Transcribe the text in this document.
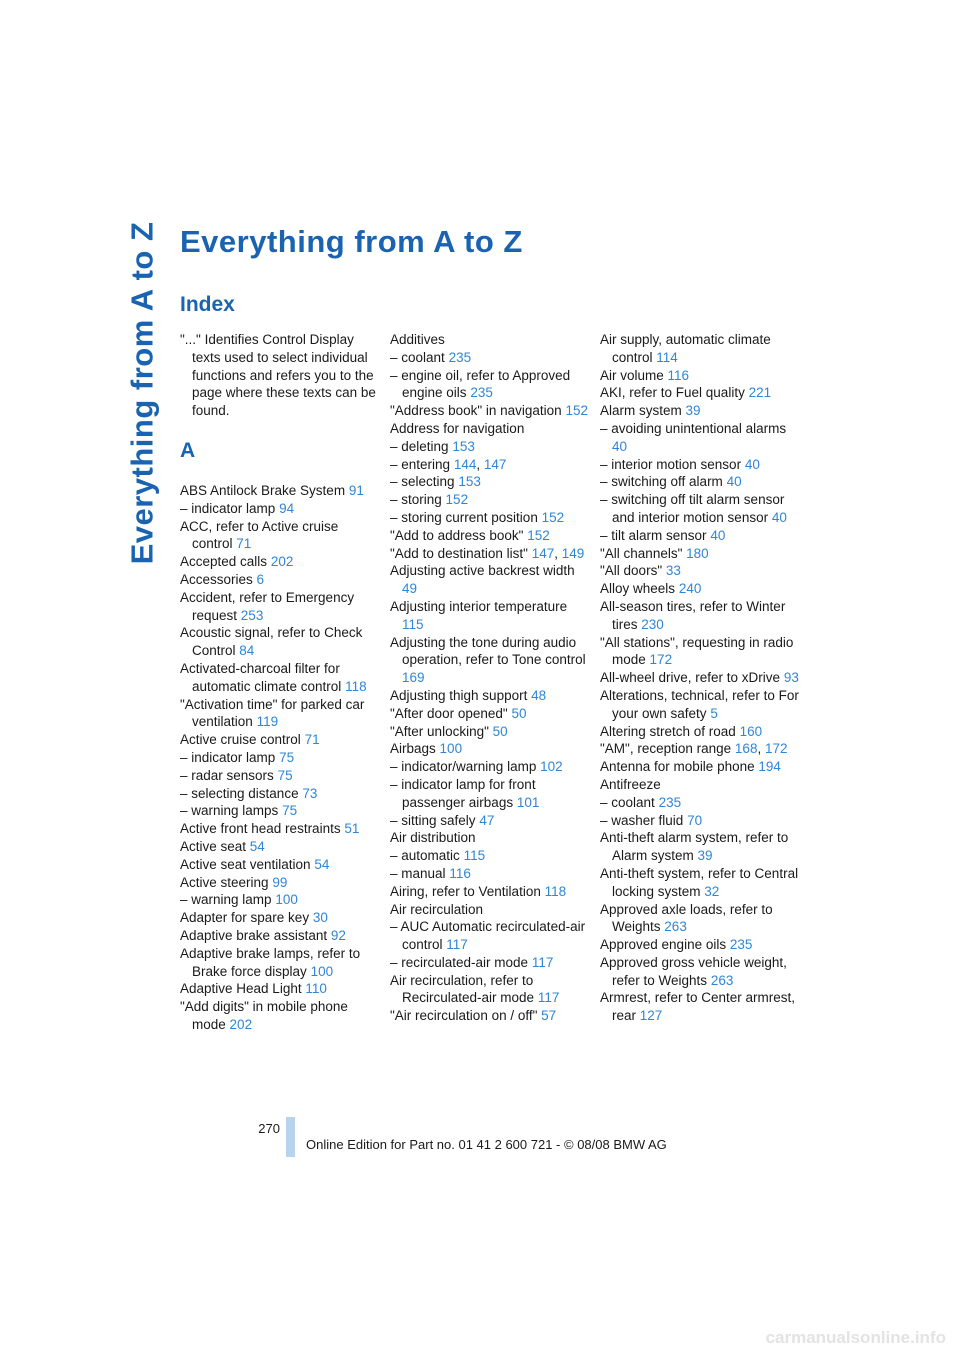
Everything from A to Z Everything from A to Z
Index
"..." Identifies Control Display texts used to select individual functions and refers you to the page where these texts can be found.
A
ABS Antilock Brake System 91
– indicator lamp 94
ACC, refer to Active cruise control 71
Accepted calls 202
Accessories 6
Accident, refer to Emergency request 253
Acoustic signal, refer to Check Control 84
Activated-charcoal filter for automatic climate control 118
"Activation time" for parked car ventilation 119
Active cruise control 71
– indicator lamp 75
– radar sensors 75
– selecting distance 73
– warning lamps 75
Active front head restraints 51
Active seat 54
Active seat ventilation 54
Active steering 99
– warning lamp 100
Adapter for spare key 30
Adaptive brake assistant 92
Adaptive brake lamps, refer to Brake force display 100
Adaptive Head Light 110
"Add digits" in mobile phone mode 202
Additives
– coolant 235
– engine oil, refer to Approved engine oils 235
"Address book" in navigation 152
Address for navigation
– deleting 153
– entering 144, 147
– selecting 153
– storing 152
– storing current position 152
"Add to address book" 152
"Add to destination list" 147, 149
Adjusting active backrest width 49
Adjusting interior temperature 115
Adjusting the tone during audio operation, refer to Tone control 169
Adjusting thigh support 48
"After door opened" 50
"After unlocking" 50
Airbags 100
– indicator/warning lamp 102
– indicator lamp for front passenger airbags 101
– sitting safely 47
Air distribution
– automatic 115
– manual 116
Airing, refer to Ventilation 118
Air recirculation
– AUC Automatic recirculated-air control 117
– recirculated-air mode 117
Air recirculation, refer to Recirculated-air mode 117
"Air recirculation on / off" 57
Air supply, automatic climate control 114
Air volume 116
AKI, refer to Fuel quality 221
Alarm system 39
– avoiding unintentional alarms 40
– interior motion sensor 40
– switching off alarm 40
– switching off tilt alarm sensor and interior motion sensor 40
– tilt alarm sensor 40
"All channels" 180
"All doors" 33
Alloy wheels 240
All-season tires, refer to Winter tires 230
"All stations", requesting in radio mode 172
All-wheel drive, refer to xDrive 93
Alterations, technical, refer to For your own safety 5
Altering stretch of road 160
"AM", reception range 168, 172
Antenna for mobile phone 194
Antifreeze
– coolant 235
– washer fluid 70
Anti-theft alarm system, refer to Alarm system 39
Anti-theft system, refer to Central locking system 32
Approved axle loads, refer to Weights 263
Approved engine oils 235
Approved gross vehicle weight, refer to Weights 263
Armrest, refer to Center armrest, rear 127
270
Online Edition for Part no. 01 41 2 600 721 - © 08/08 BMW AG
carmanualsonline.info
